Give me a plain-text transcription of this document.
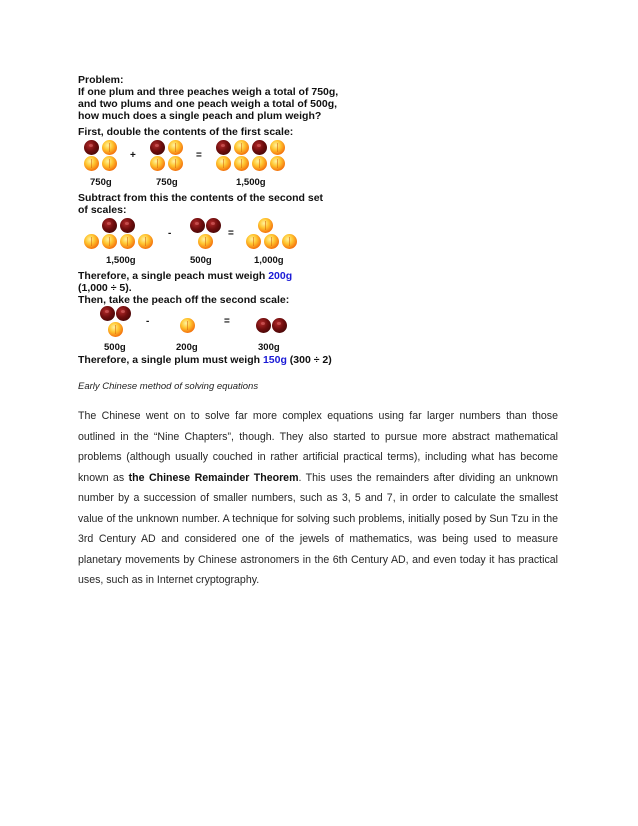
Problem:
If one plum and three peaches weigh a total of 750g,
and two plums and one peach weigh a total of 500g,
how much does a single peach and plum weigh?
First, double the contents of the first scale:
+	=
750g	750g	1,500g
Subtract from this the contents of the second set
of scales:
-	=
1,500g	500g	1,000g
Therefore, a single peach must weigh 200g
(1,000 ÷ 5).
Then, take the peach off the second scale:
-	=
500g	200g	300g
Therefore, a single plum must weigh 150g (300 ÷ 2)
Early Chinese method of solving equations

The Chinese went on to solve far more complex equations using far larger numbers than those outlined in the “Nine Chapters”, though. They also started to pursue more abstract mathematical problems (although usually couched in rather artificial practical terms), including what has become known as the Chinese Remainder Theorem. This uses the remainders after dividing an unknown number by a succession of smaller numbers, such as 3, 5 and 7, in order to calculate the smallest value of the unknown number. A technique for solving such problems, initially posed by Sun Tzu in the 3rd Century AD and considered one of the jewels of mathematics, was being used to measure planetary movements by Chinese astronomers in the 6th Century AD, and even today it has practical uses, such as in Internet cryptography.
